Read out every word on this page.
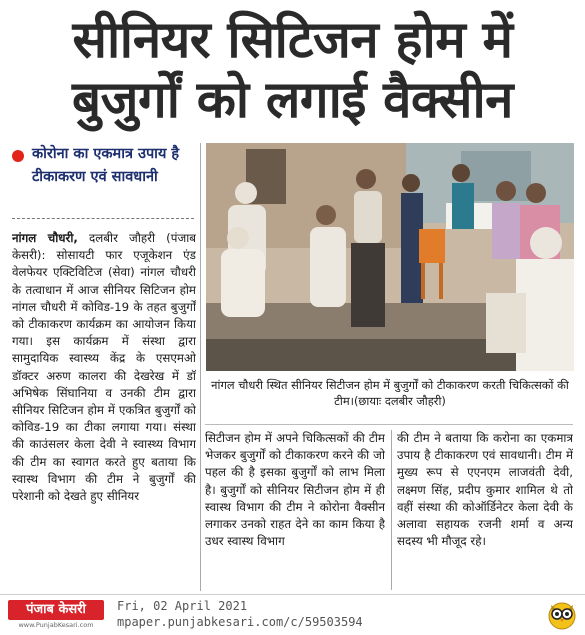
सीनियर सिटिजन होम में
बुजुर्गों को लगाई वैक्सीन
कोरोना का एकमात्र उपाय है टीकाकरण एवं सावधानी

नांगल चौधरी, दलबीर जौहरी (पंजाब केसरी): सोसायटी फार एजूकेशन एंड वेलफेयर एक्टिविटिज (सेवा) नांगल चौधरी के तत्वाधान में आज सीनियर सिटिजन होम नांगल चौधरी में कोविड-19 के तहत बुजुर्गों को टीकाकरण कार्यक्रम का आयोजन किया गया। इस कार्यक्रम में संस्था द्वारा सामुदायिक स्वास्थ्य केंद्र के एसएमओ डॉक्टर अरुण कालरा की देखरेख में डॉ अभिषेक सिंघानिया व उनकी टीम द्वारा सीनियर सिटिजन होम में एकत्रित बुजुर्गों को कोविड-19 का टीका लगाया गया। संस्था की काउंसलर केला देवी ने स्वास्थ्य विभाग की टीम का स्वागत करते हुए बताया कि स्वास्थ विभाग की टीम ने बुजुर्गों की परेशानी को देखते हुए सीनियर

नांगल चौधरी स्थित सीनियर सिटीजन होम में बुजुर्गों को टीकाकरण करती चिकित्सकों की टीम।(छायाः दलबीर जौहरी)

सिटीजन होम में अपने चिकित्सकों की टीम भेजकर बुजुर्गों को टीकाकरण करने की जो पहल की है इसका बुजुर्गों को लाभ मिला है। बुजुर्गों को सीनियर सिटीजन होम में ही स्वास्थ विभाग की टीम ने कोरोना वैक्सीन लगाकर उनको राहत देने का काम किया है उधर स्वास्थ विभाग

की टीम ने बताया कि करोना का एकमात्र उपाय है टीकाकरण एवं सावधानी। टीम में मुख्य रूप से एएनएम लाजवंती देवी, लक्ष्मण सिंह, प्रदीप कुमार शामिल थे तो वहीं संस्था की कोऑर्डिनेटर केला देवी के अलावा सहायक रजनी शर्मा व अन्य सदस्य भी मौजूद रहे।

पंजाब केसरी
www.PunjabKesari.com
Fri, 02 April 2021
mpaper.punjabkesari.com/c/59503594
